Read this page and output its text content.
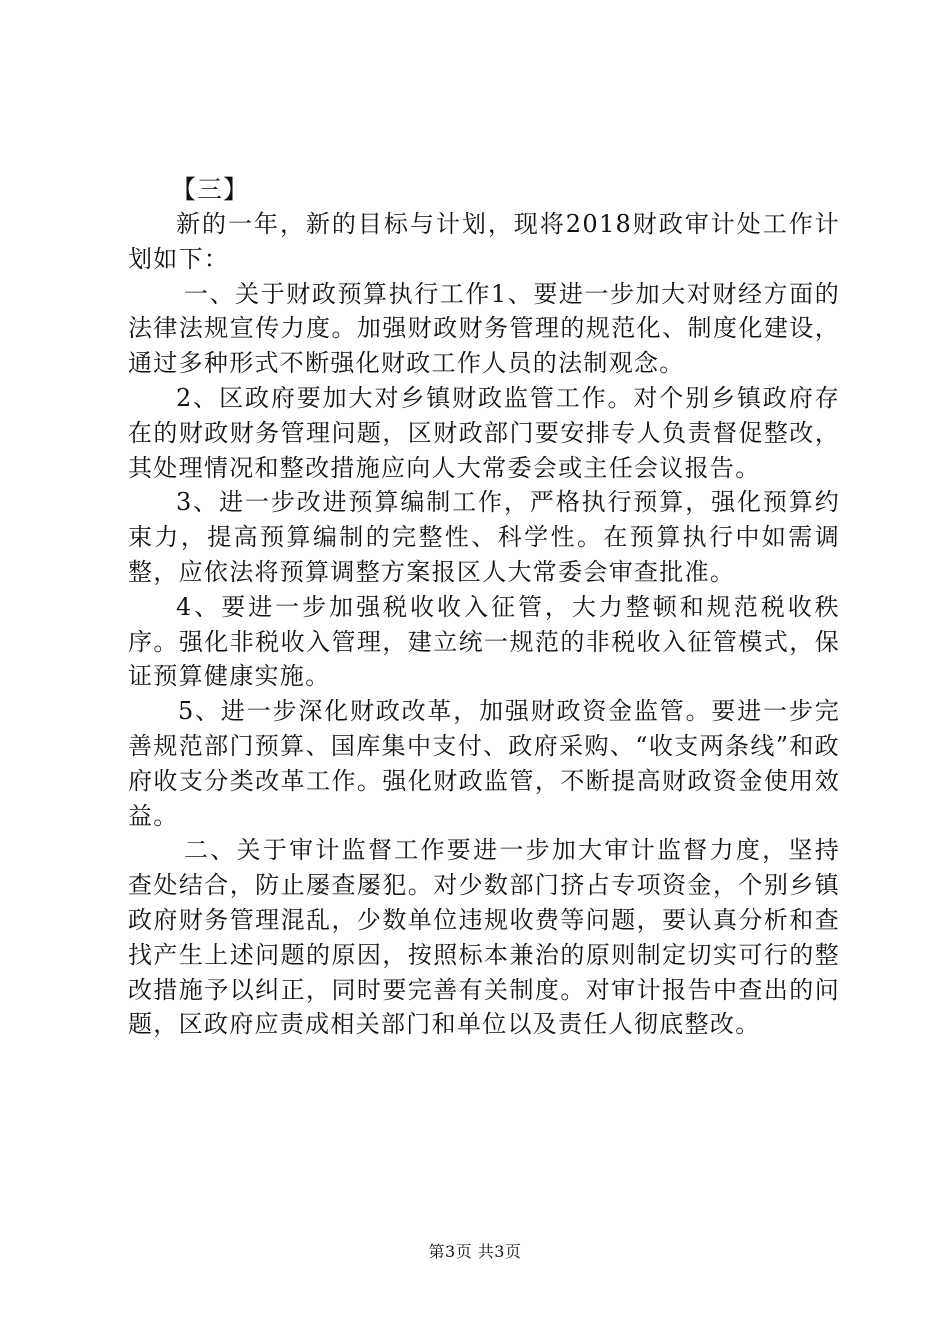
【三】

新的一年，新的目标与计划，现将2018财政审计处工作计划如下：

一、关于财政预算执行工作1、要进一步加大对财经方面的法律法规宣传力度。加强财政财务管理的规范化、制度化建设，通过多种形式不断强化财政工作人员的法制观念。

2、区政府要加大对乡镇财政监管工作。对个别乡镇政府存在的财政财务管理问题，区财政部门要安排专人负责督促整改，其处理情况和整改措施应向人大常委会或主任会议报告。

3、进一步改进预算编制工作，严格执行预算，强化预算约束力，提高预算编制的完整性、科学性。在预算执行中如需调整，应依法将预算调整方案报区人大常委会审查批准。

4、要进一步加强税收收入征管，大力整顿和规范税收秩序。强化非税收入管理，建立统一规范的非税收入征管模式，保证预算健康实施。

5、进一步深化财政改革，加强财政资金监管。要进一步完善规范部门预算、国库集中支付、政府采购、“收支两条线”和政府收支分类改革工作。强化财政监管，不断提高财政资金使用效益。

二、关于审计监督工作要进一步加大审计监督力度，坚持查处结合，防止屡查屡犯。对少数部门挤占专项资金，个别乡镇政府财务管理混乱，少数单位违规收费等问题，要认真分析和查找产生上述问题的原因，按照标本兼治的原则制定切实可行的整改措施予以纠正，同时要完善有关制度。对审计报告中查出的问题，区政府应责成相关部门和单位以及责任人彻底整改。

第3页 共3页
